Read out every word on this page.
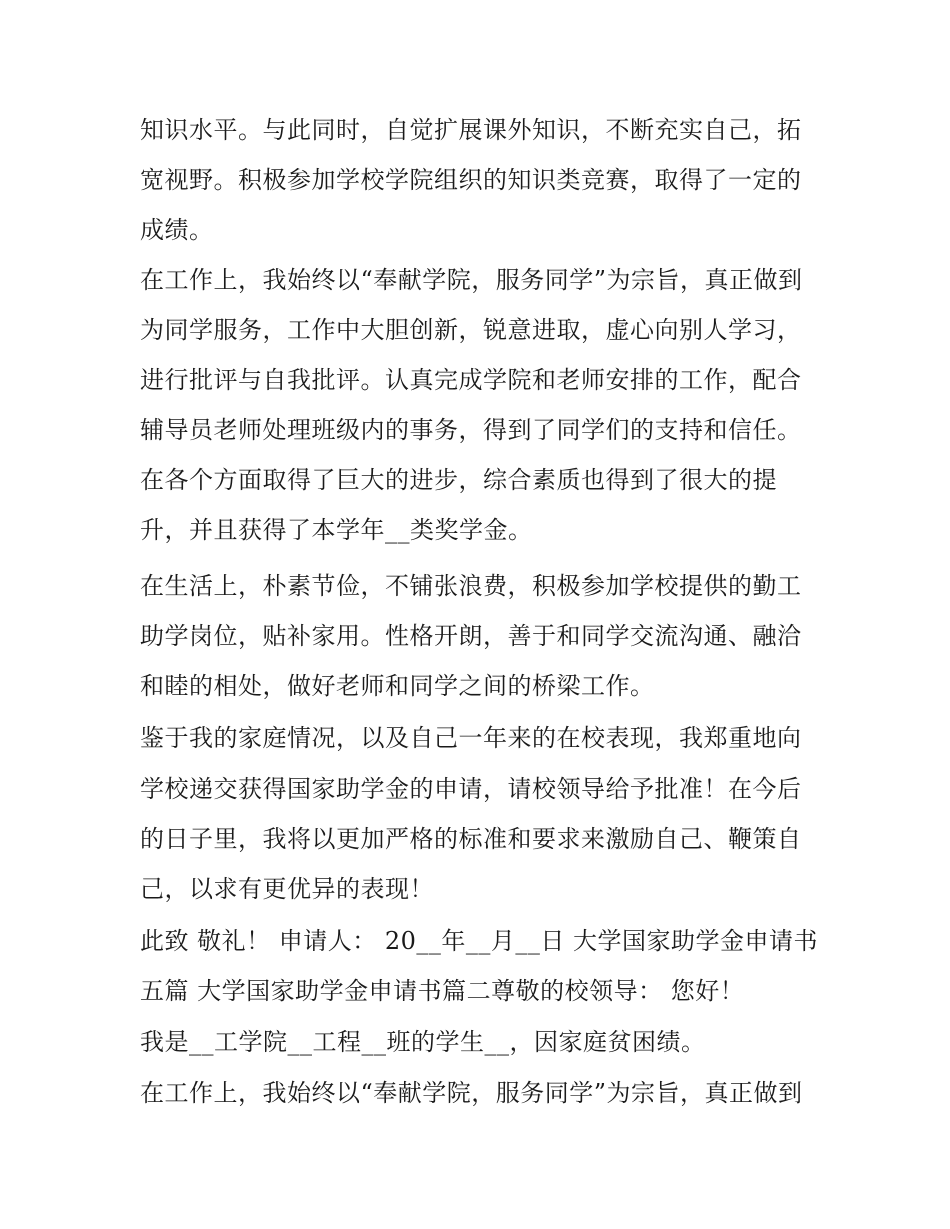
知识水平。与此同时，自觉扩展课外知识，不断充实自己，拓
宽视野。积极参加学校学院组织的知识类竞赛，取得了一定的
成绩。
在工作上，我始终以“奉献学院，服务同学”为宗旨，真正做到
为同学服务，工作中大胆创新，锐意进取，虚心向别人学习，
进行批评与自我批评。认真完成学院和老师安排的工作，配合
辅导员老师处理班级内的事务，得到了同学们的支持和信任。
在各个方面取得了巨大的进步，综合素质也得到了很大的提
升，并且获得了本学年__类奖学金。
在生活上，朴素节俭，不铺张浪费，积极参加学校提供的勤工
助学岗位，贴补家用。性格开朗，善于和同学交流沟通、融洽
和睦的相处，做好老师和同学之间的桥梁工作。
鉴于我的家庭情况，以及自己一年来的在校表现，我郑重地向
学校递交获得国家助学金的申请，请校领导给予批准！在今后
的日子里，我将以更加严格的标准和要求来激励自己、鞭策自
己，以求有更优异的表现！
此致 敬礼！ 申请人： 20__年__月__日 大学国家助学金申请书
五篇 大学国家助学金申请书篇二尊敬的校领导： 您好！
我是__工学院__工程__班的学生__，因家庭贫困绩。
在工作上，我始终以“奉献学院，服务同学”为宗旨，真正做到
